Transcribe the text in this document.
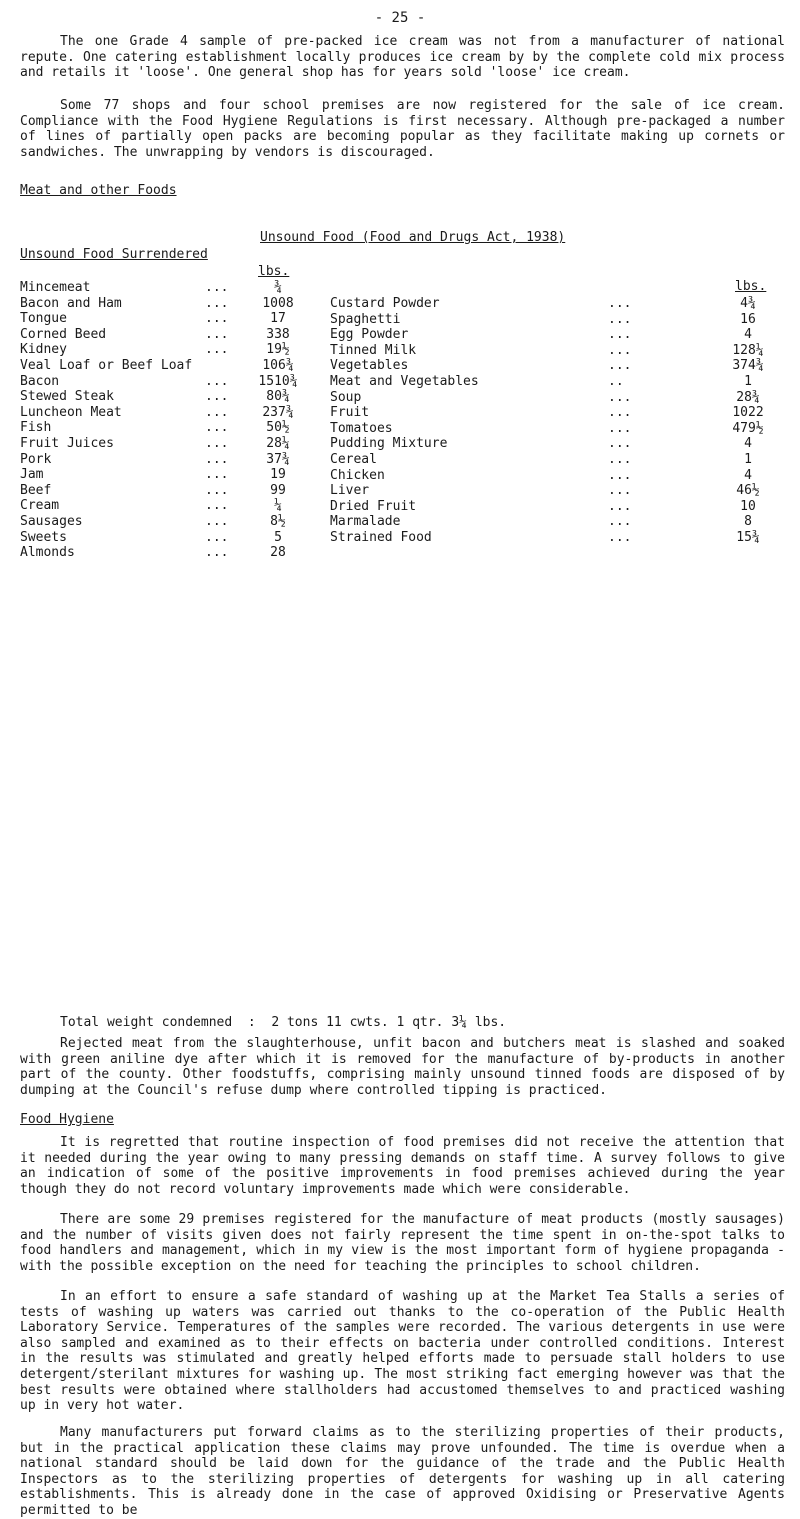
- 25 -

The one Grade 4 sample of pre-packed ice cream was not from a manufacturer of national repute. One catering establishment locally produces ice cream by by the complete cold mix process and retails it 'loose'. One general shop has for years sold 'loose' ice cream.

Some 77 shops and four school premises are now registered for the sale of ice cream. Compliance with the Food Hygiene Regulations is first necessary. Although pre-packaged a number of lines of partially open packs are becoming popular as they facilitate making up cornets or sandwiches. The unwrapping by vendors is discouraged.

Meat and other Foods
Unsound Food (Food and Drugs Act, 1938)
Unsound Food Surrendered
lbs.
lbs.
Mincemeat	...	¾
Bacon and Ham	...	1008
Tongue	...	17
Corned Beed	...	338
Kidney	...	19½
Veal Loaf or Beef Loaf	106¾
Bacon	...	1510¾
Stewed Steak	...	80¾
Luncheon Meat	...	237¾
Fish	...	50½
Fruit Juices	...	28¼
Pork	...	37¾
Jam	...	19
Beef	...	99
Cream	...	¼
Sausages	...	8½
Sweets	...	5
Almonds	...	28
Custard Powder	...	4¾
Spaghetti	...	16
Egg Powder	...	4
Tinned Milk	...	128¼
Vegetables	...	374¾
Meat and Vegetables	..	1
Soup	...	28¾
Fruit	...	1022
Tomatoes	...	479½
Pudding Mixture	...	4
Cereal	...	1
Chicken	...	4
Liver	...	46½
Dried Fruit	...	10
Marmalade	...	8
Strained Food	...	15¾
Total weight condemned  :  2 tons 11 cwts. 1 qtr. 3¼ lbs.

Rejected meat from the slaughterhouse, unfit bacon and butchers meat is slashed and soaked with green aniline dye after which it is removed for the manufacture of by-products in another part of the county. Other foodstuffs, comprising mainly unsound tinned foods are disposed of by dumping at the Council's refuse dump where controlled tipping is practiced.

Food Hygiene

It is regretted that routine inspection of food premises did not receive the attention that it needed during the year owing to many pressing demands on staff time. A survey follows to give an indication of some of the positive improvements in food premises achieved during the year though they do not record voluntary improvements made which were considerable.

There are some 29 premises registered for the manufacture of meat products (mostly sausages) and the number of visits given does not fairly represent the time spent in on-the-spot talks to food handlers and management, which in my view is the most important form of hygiene propaganda - with the possible exception on the need for teaching the principles to school children.

In an effort to ensure a safe standard of washing up at the Market Tea Stalls a series of tests of washing up waters was carried out thanks to the co-operation of the Public Health Laboratory Service. Temperatures of the samples were recorded. The various detergents in use were also sampled and examined as to their effects on bacteria under controlled conditions. Interest in the results was stimulated and greatly helped efforts made to persuade stall holders to use detergent/sterilant mixtures for washing up. The most striking fact emerging however was that the best results were obtained where stallholders had accustomed themselves to and practiced washing up in very hot water.

Many manufacturers put forward claims as to the sterilizing properties of their products, but in the practical application these claims may prove unfounded. The time is overdue when a national standard should be laid down for the guidance of the trade and the Public Health Inspectors as to the sterilizing properties of detergents for washing up in all catering establishments. This is already done in the case of approved Oxidising or Preservative Agents permitted to be
